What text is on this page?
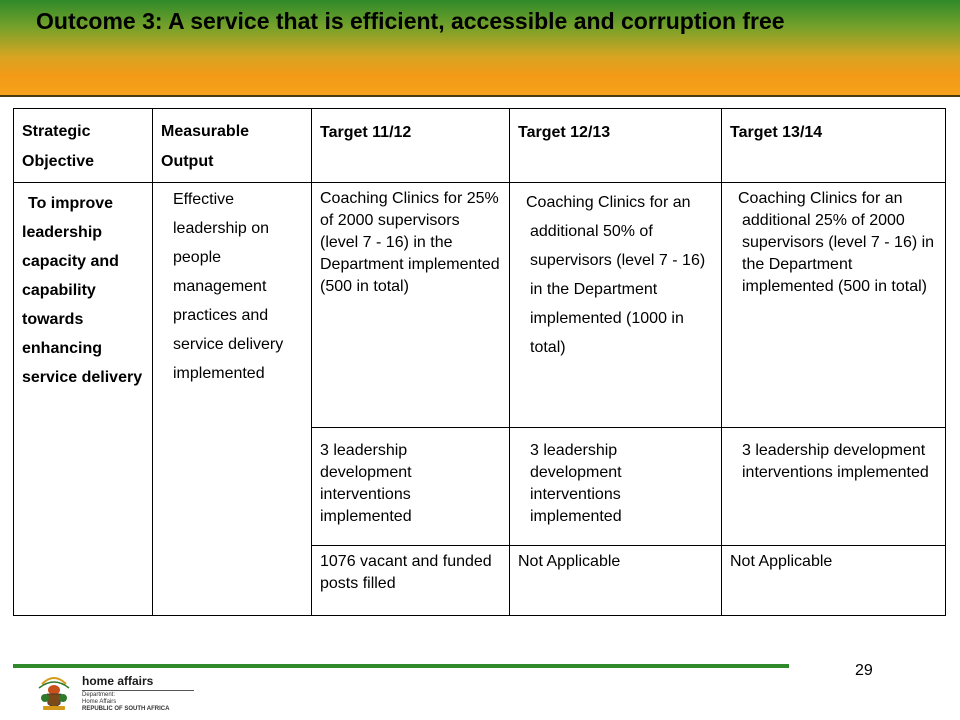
Outcome 3: A service that is efficient, accessible and corruption free
Strategic Objective	Measurable Output	Target 11/12	Target 12/13	Target 13/14

To improve leadership capacity and capability towards enhancing service delivery	Effective leadership on people management practices and service delivery implemented	Coaching Clinics for 25% of 2000 supervisors (level 7 - 16) in the Department implemented (500 in total)	Coaching Clinics for an additional 50% of supervisors (level 7 - 16) in the Department implemented (1000 in total)	Coaching Clinics for an additional 25% of 2000 supervisors (level 7 - 16) in the Department implemented (500 in total)
		3 leadership development interventions implemented	3 leadership development interventions implemented	3 leadership development interventions implemented
		1076 vacant and funded posts filled	Not Applicable	Not Applicable
29
home affairs
Department:
Home Affairs
REPUBLIC OF SOUTH AFRICA
